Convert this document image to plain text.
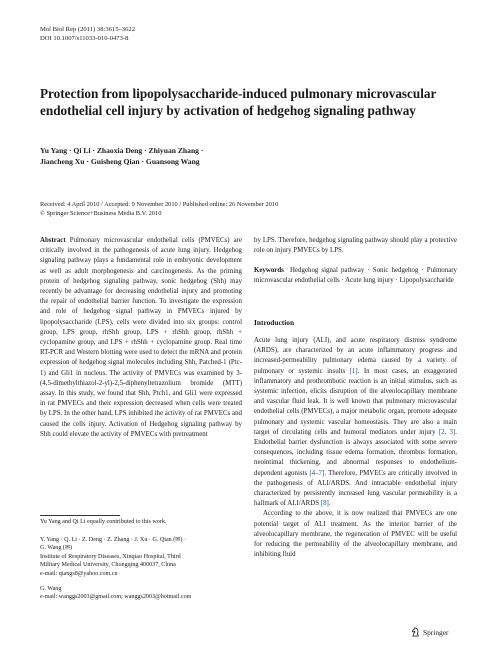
Mol Biol Rep (2011) 38:3615–3622
DOI 10.1007/s11033-010-0473-8
Protection from lipopolysaccharide-induced pulmonary microvascular endothelial cell injury by activation of hedgehog signaling pathway
Yu Yang · Qi Li · Zhaoxia Deng · Zhiyuan Zhang ·
Jiancheng Xu · Guisheng Qian · Guansong Wang
Received: 4 April 2010 / Accepted: 9 November 2010 / Published online: 26 November 2010
© Springer Science+Business Media B.V. 2010
Abstract Pulmonary microvascular endothelial cells (PMVECs) are critically involved in the pathogenesis of acute lung injury. Hedgehog signaling pathway plays a fundamental role in embryonic development as well as adult morphogenesis and carcinogenesis. As the priming protein of hedgehog signaling pathway, sonic hedgehog (Shh) may recently be advantage for decreasing endothelial injury and promoting the repair of endothelial barrier function. To investigate the expression and role of hedgehog signal pathway in PMVECs injured by lipopolysaccharide (LPS), cells were divided into six groups: control group, LPS group, rhShh group, LPS + rhShh group, rhShh + cyclopamine group, and LPS + rhShh + cyclopamine group. Real time RT-PCR and Western blotting were used to detect the mRNA and protein expression of hedgehog signal molecules including Shh, Patched-1 (Ptc-1) and Gli1 in nucleus. The activity of PMVECs was examined by 3-(4,5-dimethylthiazol-2-yl)-2,5-diphenyltetrazolium bromide (MTT) assay. In this study, we found that Shh, Ptch1, and Gli1 were expressed in rat PMVECs and their expression decreased when cells were treated by LPS. In the other hand, LPS inhibited the activity of rat PMVECs and caused the cells injury. Activation of Hedgehog signaling pathway by Shh could elevate the activity of PMVECs with pretreatment
by LPS. Therefore, hedgehog signaling pathway should play a protective role on injury PMVECs by LPS.
Keywords Hedgehog signal pathway · Sonic hedgehog · Pulmonary microvascular endothelial cells · Acute lung injury · Lipopolysaccharide
Introduction

Acute lung injury (ALI), and acute respiratory distress syndrome (ARDS), are characterized by an acute inflammatory progress and increased-permeability pulmonary edema caused by a variety of pulmonary or systemic insults [1]. In most cases, an exaggerated inflammatory and prothrombotic reaction is an initial stimulus, such as systemic infection, elicits disruption of the alveolocapillary membrane and vascular fluid leak. It is well known that pulmonary microvascular endothelial cells (PMVECs), a major metabolic organ, promote adequate pulmonary and systemic vascular homeostasis. They are also a main target of circulating cells and humoral mediators under injury [2, 3]. Endothelial barrier dysfunction is always associated with some severe consequences, including tissue edema formation, thrombus formation, neointimal thickening, and abnormal responses to endothelium-dependent agonists [4–7]. Therefore, PMVECs are critically involved in the pathogenesis of ALI/ARDS. And intractable endothelial injury characterized by persistently increased lung vascular permeability is a hallmark of ALI/ARDS [8].

According to the above, it is now realized that PMVECs are one potential target of ALI treatment. As the interior barrier of the alveolocapillary membrane, the regeneration of PMVEC will be useful for reducing the permeability of the alveolocapillary membrane, and inhibiting fluid

Yu Yang and Qi Li equally contributed to this work.
Y. Yang · Q. Li · Z. Deng · Z. Zhang · J. Xu · G. Qian (✉) ·
G. Wang (✉)
Institute of Respiratory Diseases, Xinqiao Hospital, Third
Military Medical University, Chongqing 400037, China
e-mail: qiangs8@yahoo.com.cn
G. Wang
e-mail: wanggs2003@gmail.com; wanggs2003@hotmail.com
Springer
